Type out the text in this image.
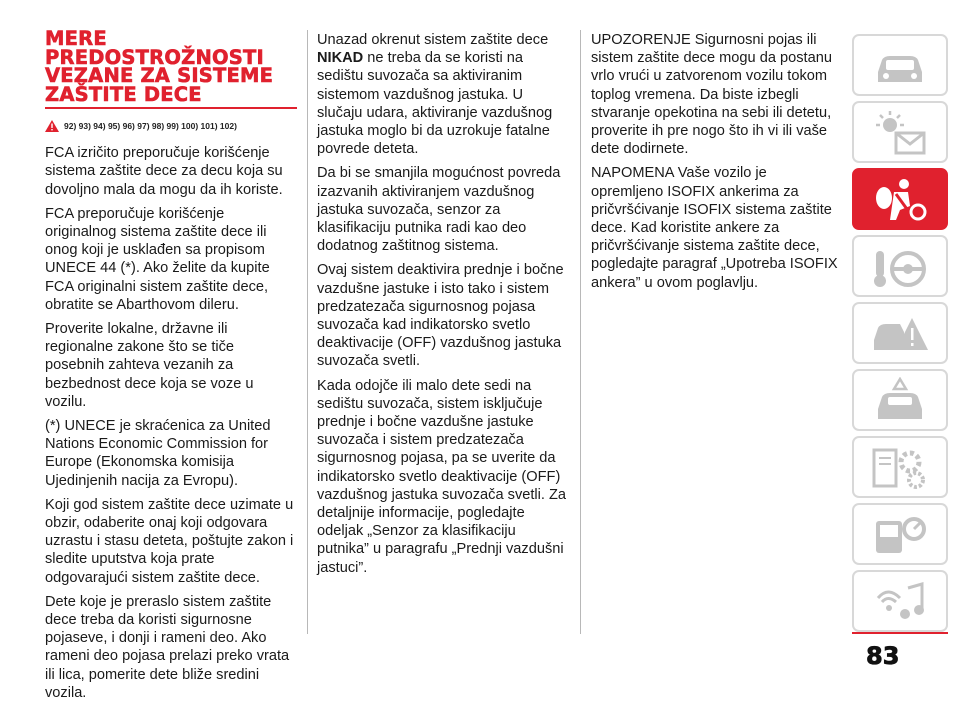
MERE
PREDOSTROŽNOSTI
VEZANE ZA SISTEME
ZAŠTITE DECE
92) 93) 94) 95) 96) 97) 98) 99) 100) 101) 102)

FCA izričito preporučuje korišćenje sistema zaštite dece za decu koja su dovoljno mala da mogu da ih koriste.

FCA preporučuje korišćenje originalnog sistema zaštite dece ili onog koji je usklađen sa propisom UNECE 44 (*). Ako želite da kupite FCA originalni sistem zaštite dece, obratite se Abarthovom dileru.

Proverite lokalne, državne ili regionalne zakone što se tiče posebnih zahteva vezanih za bezbednost dece koja se voze u vozilu.

(*) UNECE je skraćenica za United Nations Economic Commission for Europe (Ekonomska komisija Ujedinjenih nacija za Evropu).

Koji god sistem zaštite dece uzimate u obzir, odaberite onaj koji odgovara uzrastu i stasu deteta, poštujte zakon i sledite uputstva koja prate odgovarajući sistem zaštite dece.

Dete koje je preraslo sistem zaštite dece treba da koristi sigurnosne pojaseve, i donji i rameni deo. Ako rameni deo pojasa prelazi preko vrata ili lica, pomerite dete bliže sredini vozila.

Unazad okrenut sistem zaštite dece
NIKAD ne treba da se koristi na sedištu suvozača sa aktiviranim sistemom vazdušnog jastuka. U slučaju udara, aktiviranje vazdušnog jastuka moglo bi da uzrokuje fatalne povrede deteta.

Da bi se smanjila mogućnost povreda izazvanih aktiviranjem vazdušnog jastuka suvozača, senzor za klasifikaciju putnika radi kao deo dodatnog zaštitnog sistema.

Ovaj sistem deaktivira prednje i bočne vazdušne jastuke i isto tako i sistem predzatezača sigurnosnog pojasa suvozača kad indikatorsko svetlo deaktivacije (OFF) vazdušnog jastuka suvozača svetli.

Kada odojče ili malo dete sedi na sedištu suvozača, sistem isključuje prednje i bočne vazdušne jastuke suvozača i sistem predzatezača sigurnosnog pojasa, pa se uverite da indikatorsko svetlo deaktivacije (OFF) vazdušnog jastuka suvozača svetli. Za detaljnije informacije, pogledajte odeljak „Senzor za klasifikaciju putnika” u paragrafu „Prednji vazdušni jastuci”.

UPOZORENJE Sigurnosni pojas ili sistem zaštite dece mogu da postanu vrlo vrući u zatvorenom vozilu tokom toplog vremena. Da biste izbegli stvaranje opekotina na sebi ili detetu, proverite ih pre nogo što ih vi ili vaše dete dodirnete.

NAPOMENA Vaše vozilo je opremljeno ISOFIX ankerima za pričvršćivanje ISOFIX sistema zaštite dece. Kad koristite ankere za pričvršćivanje sistema zaštite dece, pogledajte paragraf „Upotreba ISOFIX ankera” u ovom poglavlju.

83
